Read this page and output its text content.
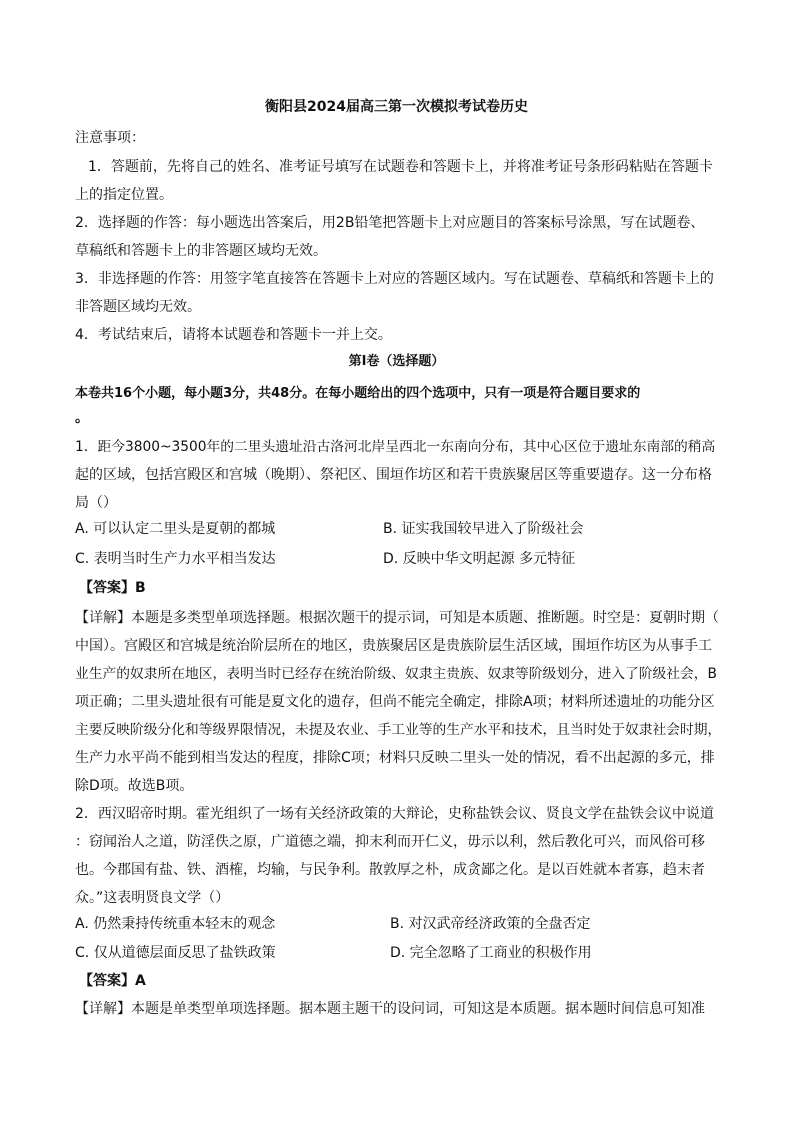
衡阳县2024届高三第一次模拟考试卷历史
注意事项：
1．答题前，先将自己的姓名、准考证号填写在试题卷和答题卡上，并将准考证号条形码粘贴在答题卡
上的指定位置。
2．选择题的作答：每小题选出答案后，用2B铅笔把答题卡上对应题目的答案标号涂黑，写在试题卷、
草稿纸和答题卡上的非答题区域均无效。
3．非选择题的作答：用签字笔直接答在答题卡上对应的答题区域内。写在试题卷、草稿纸和答题卡上的
非答题区域均无效。
4．考试结束后，请将本试题卷和答题卡一并上交。
第Ⅰ卷（选择题）
本卷共16个小题，每小题3分，共48分。在每小题给出的四个选项中，只有一项是符合题目要求的
。
1．距今3800~3500年的二里头遗址沿古洛河北岸呈西北一东南向分布，其中心区位于遗址东南部的稍高
起的区域，包括宫殿区和宫城（晚期）、祭祀区、围垣作坊区和若干贵族聚居区等重要遗存。这一分布格
局（）
A. 可以认定二里头是夏朝的都城	B. 证实我国较早进入了阶级社会
C. 表明当时生产力水平相当发达	D. 反映中华文明起源 多元特征
【答案】B
【详解】本题是多类型单项选择题。根据次题干的提示词，可知是本质题、推断题。时空是：夏朝时期（
中国）。宫殿区和宫城是统治阶层所在的地区，贵族聚居区是贵族阶层生活区域，围垣作坊区为从事手工
业生产的奴隶所在地区，表明当时已经存在统治阶级、奴隶主贵族、奴隶等阶级划分，进入了阶级社会，B
项正确；二里头遗址很有可能是夏文化的遗存，但尚不能完全确定，排除A项；材料所述遗址的功能分区
主要反映阶级分化和等级界限情况，未提及农业、手工业等的生产水平和技术，且当时处于奴隶社会时期，
生产力水平尚不能到相当发达的程度，排除C项；材料只反映二里头一处的情况，看不出起源的多元，排
除D项。故选B项。
2．西汉昭帝时期。霍光组织了一场有关经济政策的大辩论，史称盐铁会议、贤良文学在盐铁会议中说道
：窃闻治人之道，防淫佚之原，广道德之端，抑末利而开仁义，毋示以利，然后教化可兴，而风俗可移
也。今郡国有盐、铁、酒榷，均输，与民争利。散敦厚之朴，成贪鄙之化。是以百姓就本者寡，趋末者
众。”这表明贤良文学（）
A. 仍然秉持传统重本轻末的观念	B. 对汉武帝经济政策的全盘否定
C. 仅从道德层面反思了盐铁政策	D. 完全忽略了工商业的积极作用
【答案】A
【详解】本题是单类型单项选择题。据本题主题干的设问词，可知这是本质题。据本题时间信息可知准
